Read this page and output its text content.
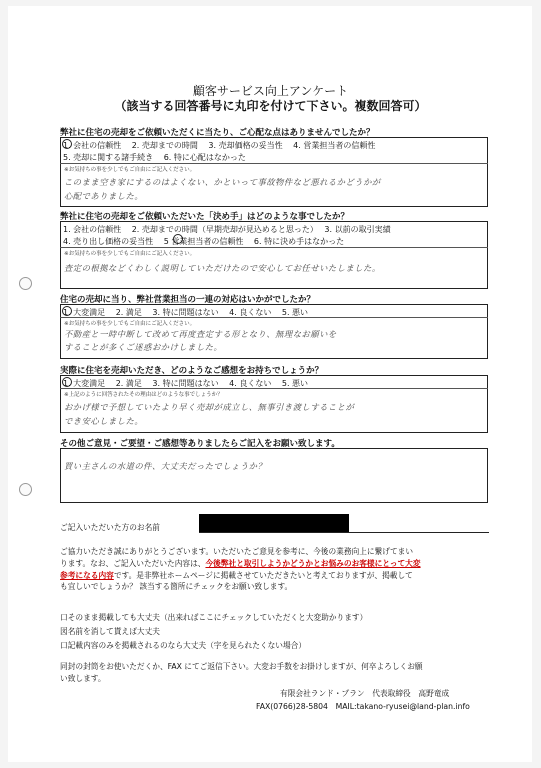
顧客サービス向上アンケート
（該当する回答番号に丸印を付けて下さい。複数回答可）
弊社に住宅の売却をご依頼いただくに当たり、ご心配な点はありませんでしたか？
1. 会社の信頼性　 2. 売却までの時間　 3. 売却価格の妥当性　 4. 営業担当者の信頼性
5. 売却に関する諸手続き　 6. 特に心配はなかった
※お気持ちの事を少しでもご自由にご記入ください。
このまま空き家にするのはよくない、かといって事故物件など悪れるかどうかが
心配でありました。
弊社に住宅の売却をご依頼いただいた「決め手」はどのような事でしたか？
1. 会社の信頼性　 2. 売却までの時間（早期売却が見込めると思った）　 3. 以前の取引実績
4. 売り出し価格の妥当性　 5 営業担当者の信頼性　 6. 特に決め手はなかった
※お気持ちの事を少しでもご自由にご記入ください。
査定の根拠などくわしく説明していただけたので安心してお任せいたしました。
住宅の売却に当り、弊社営業担当の一連の対応はいかがでしたか？
1. 大変満足　 2. 満足　 3. 特に問題はない　 4. 良くない　 5. 悪い
※お気持ちの事を少しでもご自由にご記入ください。
不動産と一時中断して改めて再度査定する形となり、無理なお願いを
することが多くご迷惑おかけしました。
実際に住宅を売却いただき、どのようなご感想をお持ちでしょうか？
1. 大変満足　 2. 満足　 3. 特に問題はない　 4. 良くない　 5. 悪い
※上記のように回答されたその理由はどのような事でしょうか？
おかげ様で予想していたより早く売却が成立し、無事引き渡しすることが
でき安心しました。
その他ご意見・ご要望・ご感想等ありましたらご記入をお願い致します。
買い主さんの水道の件、大丈夫だったでしょうか？
ご記入いただいた方のお名前
ご協力いただき誠にありがとうございます。いただいたご意見を参考に、今後の業務向上に繋げてまい
ります。なお、ご記入いただいた内容は、今後弊社と取引しようかどうかとお悩みのお客様にとって大変
参考になる内容です。是非弊社ホームページに掲載させていただきたいと考えておりますが、掲載して
も宜しいでしょうか？ 該当する箇所にチェックをお願い致します。
口そのまま掲載しても大丈夫（出来ればここにチェックしていただくと大変助かります）
図名前を消して貰えば大丈夫
口記載内容のみを掲載されるのなら大丈夫（字を見られたくない場合）
同封の封筒をお使いただくか、FAX にてご返信下さい。大変お手数をお掛けしますが、何卒よろしくお願
い致します。
有限会社ランド・プラン　代表取締役　高野竜成
FAX(0766)28-5804　MAIL:takano-ryusei@land-plan.info
